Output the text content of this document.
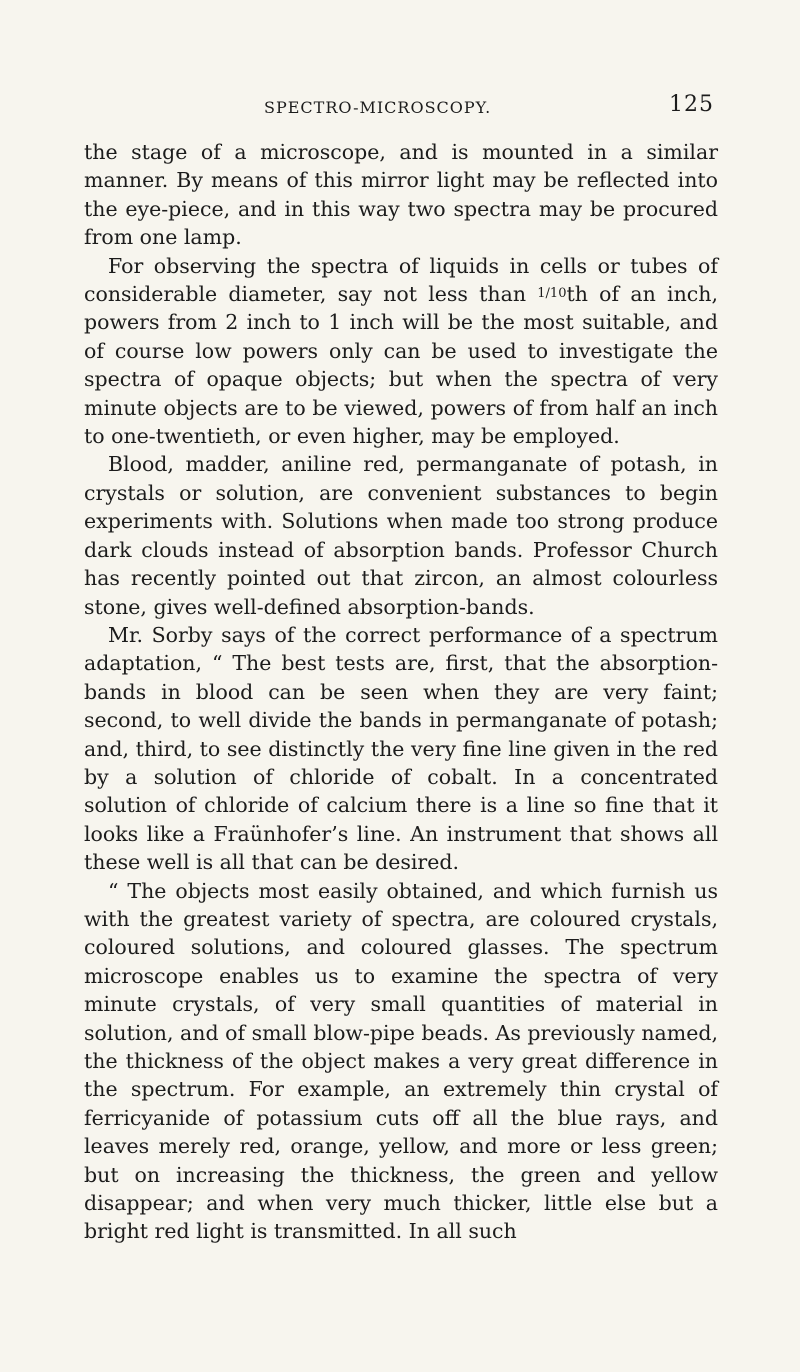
SPECTRO-MICROSCOPY.	125

the stage of a microscope, and is mounted in a similar manner. By means of this mirror light may be reflected into the eye-piece, and in this way two spectra may be procured from one lamp.

For observing the spectra of liquids in cells or tubes of considerable diameter, say not less than 1/10th of an inch, powers from 2 inch to 1 inch will be the most suitable, and of course low powers only can be used to investigate the spectra of opaque objects; but when the spectra of very minute objects are to be viewed, powers of from half an inch to one-twentieth, or even higher, may be employed.

Blood, madder, aniline red, permanganate of potash, in crystals or solution, are convenient substances to begin experiments with. Solutions when made too strong produce dark clouds instead of absorption bands. Professor Church has recently pointed out that zircon, an almost colourless stone, gives well-defined absorption-bands.

Mr. Sorby says of the correct performance of a spectrum adaptation, “ The best tests are, first, that the absorption-bands in blood can be seen when they are very faint; second, to well divide the bands in permanganate of potash; and, third, to see distinctly the very fine line given in the red by a solution of chloride of cobalt. In a concentrated solution of chloride of calcium there is a line so fine that it looks like a Fraünhofer’s line. An instrument that shows all these well is all that can be desired.

“ The objects most easily obtained, and which furnish us with the greatest variety of spectra, are coloured crystals, coloured solutions, and coloured glasses. The spectrum microscope enables us to examine the spectra of very minute crystals, of very small quantities of material in solution, and of small blow-pipe beads. As previously named, the thickness of the object makes a very great difference in the spectrum. For example, an extremely thin crystal of ferricyanide of potassium cuts off all the blue rays, and leaves merely red, orange, yellow, and more or less green; but on increasing the thickness, the green and yellow disappear; and when very much thicker, little else but a bright red light is transmitted. In all such
